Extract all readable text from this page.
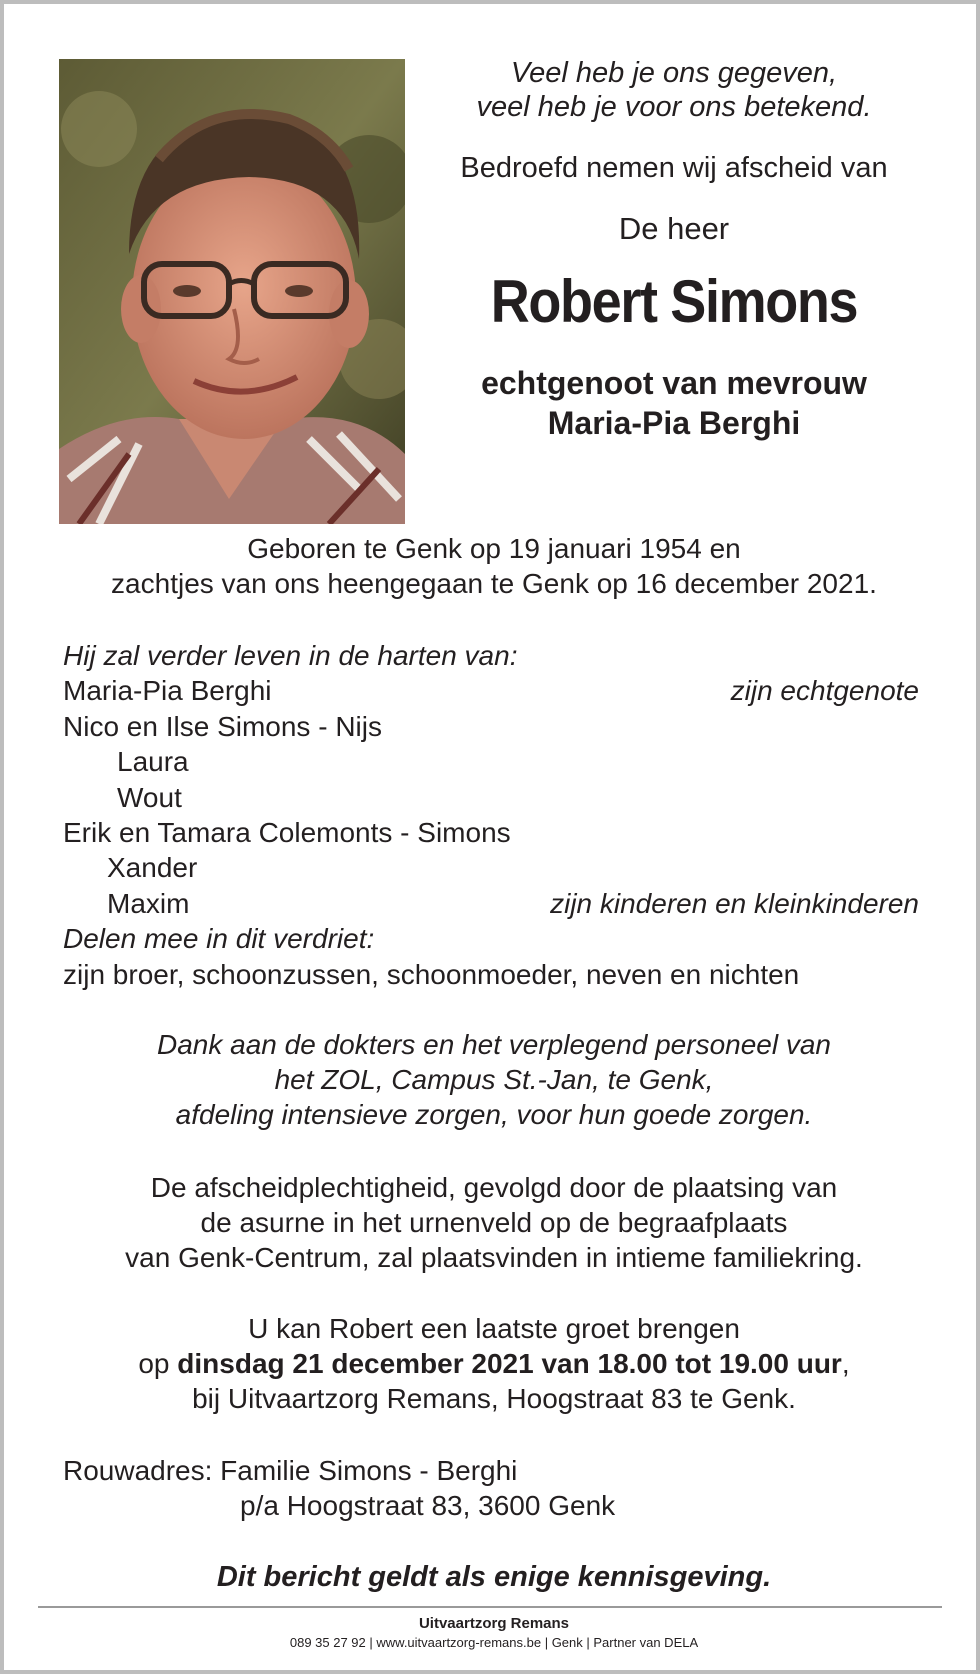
Veel heb je ons gegeven,
veel heb je voor ons betekend.
Bedroefd nemen wij afscheid van
De heer
Robert Simons
echtgenoot van mevrouw
Maria-Pia Berghi
Geboren te Genk op 19 januari 1954 en
zachtjes van ons heengegaan te Genk op 16 december 2021.
Hij zal verder leven in de harten van:
Maria-Pia Berghi	zijn echtgenote
Nico en Ilse Simons - Nijs
Laura
Wout
Erik en Tamara Colemonts - Simons
Xander
Maxim	zijn kinderen en kleinkinderen
Delen mee in dit verdriet:
zijn broer, schoonzussen, schoonmoeder, neven en nichten
Dank aan de dokters en het verplegend personeel van
het ZOL, Campus St.-Jan, te Genk,
afdeling intensieve zorgen, voor hun goede zorgen.
De afscheidplechtigheid, gevolgd door de plaatsing van
de asurne in het urnenveld op de begraafplaats
van Genk-Centrum, zal plaatsvinden in intieme familiekring.
U kan Robert een laatste groet brengen
op dinsdag 21 december 2021 van 18.00 tot 19.00 uur,
bij Uitvaartzorg Remans, Hoogstraat 83 te Genk.
Rouwadres: Familie Simons - Berghi
p/a Hoogstraat 83, 3600 Genk
Dit bericht geldt als enige kennisgeving.
Uitvaartzorg Remans
089 35 27 92 | www.uitvaartzorg-remans.be | Genk | Partner van DELA
